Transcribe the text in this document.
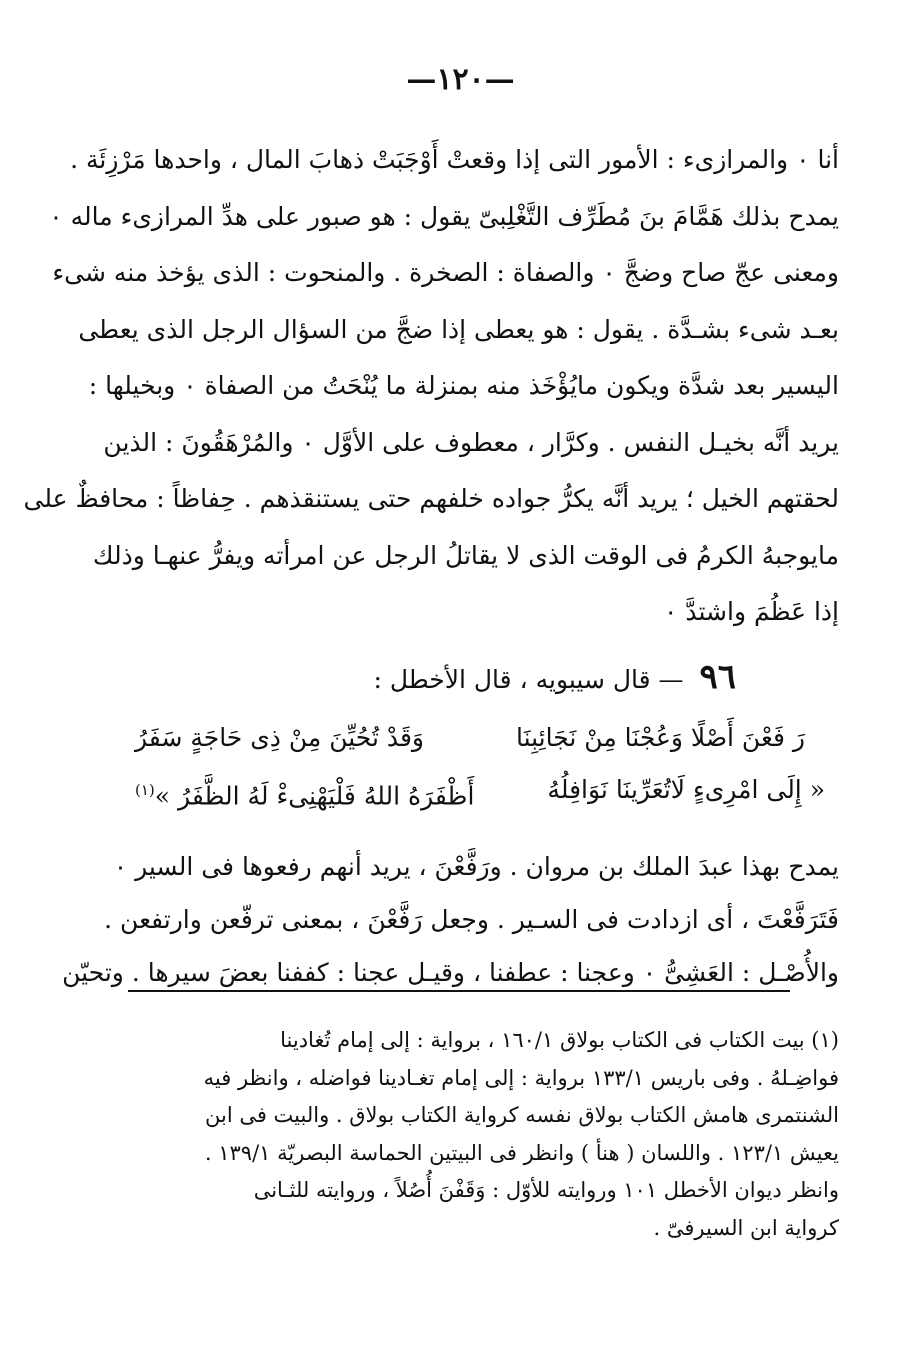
—١٢٠—
أنا ٠ والمرازىء : الأمور التى إذا وقعتْ أَوْجَبَتْ ذهابَ المال ، واحدها مَرْزِئَة .
يمدح بذلك هَمَّامَ بنَ مُطَرِّف التَّغْلِبىّ يقول : هو صبور على هدِّ المرازىء ماله ٠
ومعنى عجّ صاح وضجَّ ٠ والصفاة : الصخرة . والمنحوت : الذى يؤخذ منه شىء
بعـد شىء بشـدَّة . يقول : هو يعطى إذا ضجَّ من السؤال الرجل الذى يعطى
اليسير بعد شدَّة ويكون مايُؤْخَذ منه بمنزلة ما يُنْحَتُ من الصفاة ٠ وبخيلها :
يريد أنَّه بخيـل النفس . وكرَّار ، معطوف على الأوَّل ٠ والمُرْهَقُونَ : الذين
لحقتهم الخيل ؛ يريد أنَّه يكرُّ جواده خلفهم حتى يستنقذهم . حِفاظاً : محافظٌ على
مايوجبهُ الكرمُ فى الوقت الذى لا يقاتلُ الرجل عن امرأته ويفرُّ عنهـا وذلك
إذا عَظُمَ واشتدَّ ٠
٩٦ — قال سيبويه ، قال الأخطل :
رَ فَعْنَ أَصْلًا وَعُجْنَا مِنْ نَجَائِبِنَا
وَقَدْ تُحُيِّنَ مِنْ ذِى حَاجَةٍ سَفَرُ
« إِلَى امْرِىءٍ لَاتُعَرِّينَا نَوَافِلُهُ
أَظْفَرَهُ اللهُ فَلْيَهْنِىءْ لَهُ الظَّفَرُ »$^{(١)}$
يمدح بهذا عبدَ الملك بن مروان . ورَفَّعْنَ ، يريد أنهم رفعوها فى السير ٠
فَتَرَفَّعْتَ ، أى ازدادت فى السـير . وجعل رَفَّعْنَ ، بمعنى ترفّعن وارتفعن .
والأُصْـل : العَشِىُّ ٠ وعجنا : عطفنا ، وقيـل عجنا : كففنا بعضَ سيرها . وتحيّن
(١) بيت الكتاب فى الكتاب بولاق ١٦٠/١ ، برواية : إلى إمام تُغادينا
فواضِـلهُ . وفى باريس ١٣٣/١ برواية : إلى إمام تغـادينا فواضله ، وانظر فيه
الشنتمرى هامش الكتاب بولاق نفسه كرواية الكتاب بولاق . والبيت فى ابن
يعيش ١٢٣/١ . واللسان ( هنأ ) وانظر فى البيتين الحماسة البصريّة ١٣٩/١ .
وانظر ديوان الأخطل ١٠١ وروايته للأوّل : وَقَفْنَ أُصُلاً ، وروايته للثـانى
كرواية ابن السيرفىّ .
